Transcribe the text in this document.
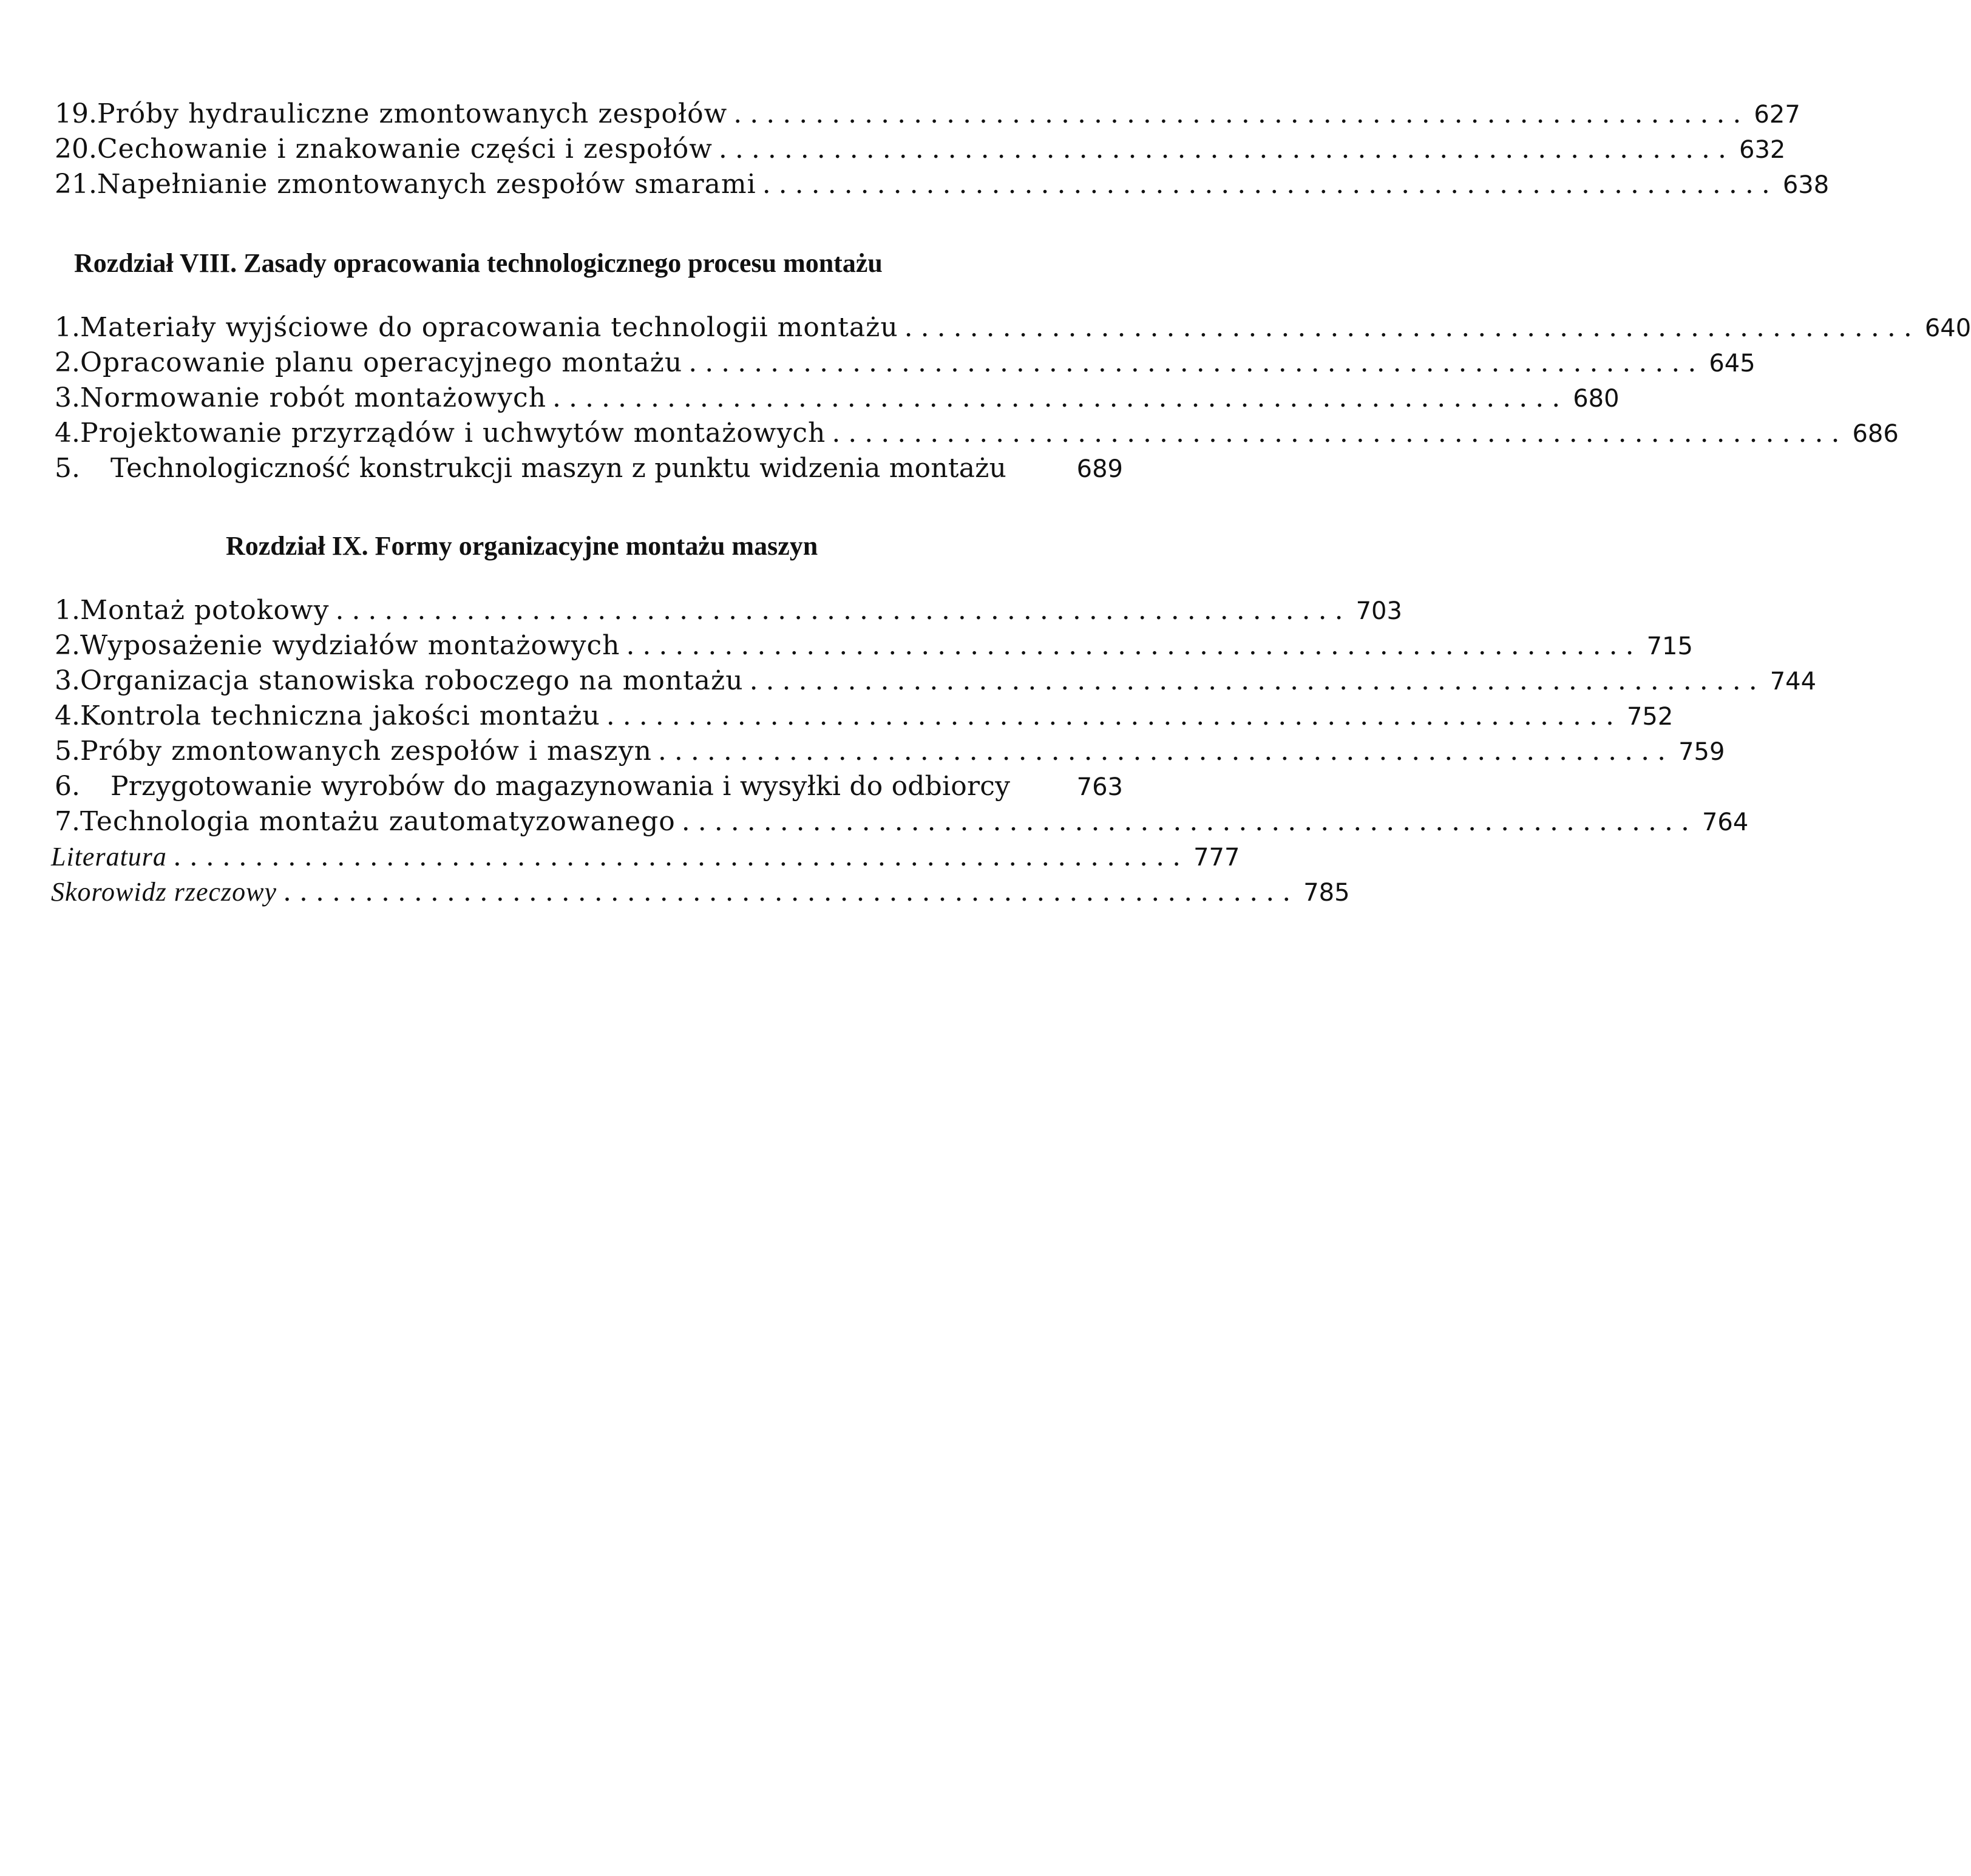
19. Próby hydrauliczne zmontowanych zespołów .............................................................. 627
20. Cechowanie i znakowanie części i zespołów .............................................................. 632
21. Napełnianie zmontowanych zespołów smarami .............................................................. 638
Rozdział VIII. Zasady opracowania technologicznego procesu montażu
1. Materiały wyjściowe do opracowania technologii montażu .............................................................. 640
2. Opracowanie planu operacyjnego montażu .............................................................. 645
3. Normowanie robót montażowych .............................................................. 680
4. Projektowanie przyrządów i uchwytów montażowych .............................................................. 686
5.	Technologiczność konstrukcji maszyn z punktu widzenia montażu	689
Rozdział IX. Formy organizacyjne montażu maszyn
1. Montaż potokowy .............................................................. 703
2. Wyposażenie wydziałów montażowych .............................................................. 715
3. Organizacja stanowiska roboczego na montażu .............................................................. 744
4. Kontrola techniczna jakości montażu .............................................................. 752
5. Próby zmontowanych zespołów i maszyn .............................................................. 759
6.	Przygotowanie wyrobów do magazynowania i wysyłki do odbiorcy	763
7. Technologia montażu zautomatyzowanego .............................................................. 764
Literatura .............................................................. 777
Skorowidz rzeczowy .............................................................. 785
